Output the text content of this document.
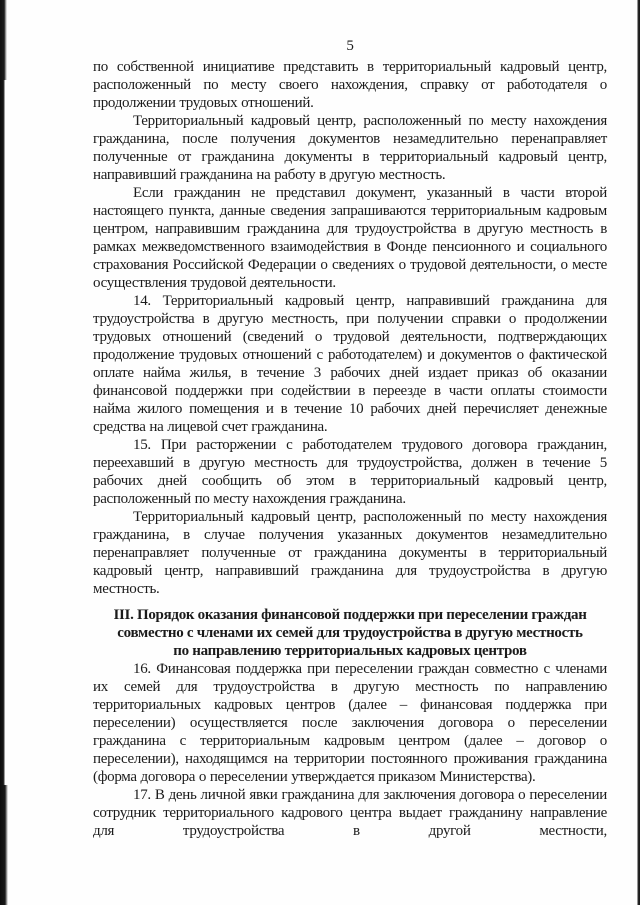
5

по собственной инициативе представить в территориальный кадровый центр, расположенный по месту своего нахождения, справку от работодателя о продолжении трудовых отношений.

Территориальный кадровый центр, расположенный по месту нахождения гражданина, после получения документов незамедлительно перенаправляет полученные от гражданина документы в территориальный кадровый центр, направивший гражданина на работу в другую местность.

Если гражданин не представил документ, указанный в части второй настоящего пункта, данные сведения запрашиваются территориальным кадровым центром, направившим гражданина для трудоустройства в другую местность в рамках межведомственного взаимодействия в Фонде пенсионного и социального страхования Российской Федерации о сведениях о трудовой деятельности, о месте осуществления трудовой деятельности.

14. Территориальный кадровый центр, направивший гражданина для трудоустройства в другую местность, при получении справки о продолжении трудовых отношений (сведений о трудовой деятельности, подтверждающих продолжение трудовых отношений с работодателем) и документов о фактической оплате найма жилья, в течение 3 рабочих дней издает приказ об оказании финансовой поддержки при содействии в переезде в части оплаты стоимости найма жилого помещения и в течение 10 рабочих дней перечисляет денежные средства на лицевой счет гражданина.

15. При расторжении с работодателем трудового договора гражданин, переехавший в другую местность для трудоустройства, должен в течение 5 рабочих дней сообщить об этом в территориальный кадровый центр, расположенный по месту нахождения гражданина.

Территориальный кадровый центр, расположенный по месту нахождения гражданина, в случае получения указанных документов незамедлительно перенаправляет полученные от гражданина документы в территориальный кадровый центр, направивший гражданина для трудоустройства в другую местность.

III. Порядок оказания финансовой поддержки при переселении граждан
совместно с членами их семей для трудоустройства в другую местность
по направлению территориальных кадровых центров

16. Финансовая поддержка при переселении граждан совместно с членами их семей для трудоустройства в другую местность по направлению территориальных кадровых центров (далее – финансовая поддержка при переселении) осуществляется после заключения договора о переселении гражданина с территориальным кадровым центром (далее – договор о переселении), находящимся на территории постоянного проживания гражданина (форма договора о переселении утверждается приказом Министерства).

17. В день личной явки гражданина для заключения договора о переселении сотрудник территориального кадрового центра выдает гражданину направление для трудоустройства в другой местности,
